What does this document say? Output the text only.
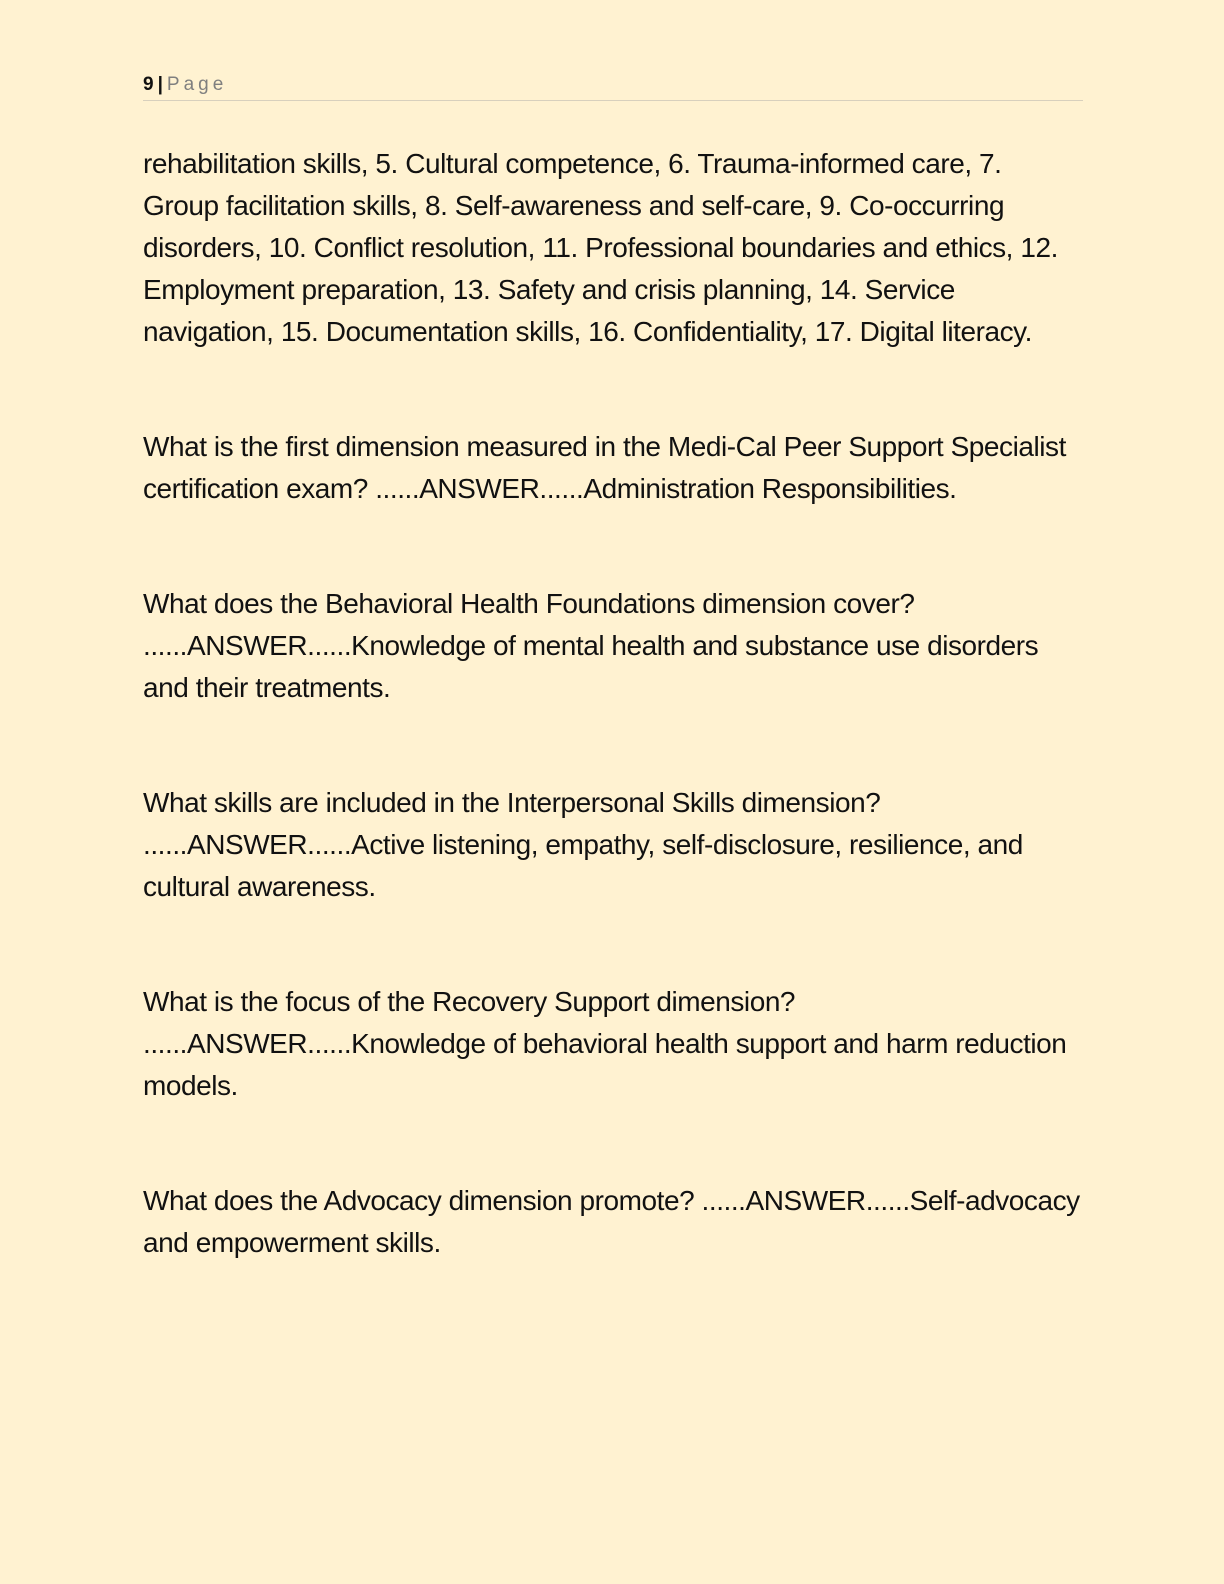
9 | Page

rehabilitation skills, 5. Cultural competence, 6. Trauma-informed care, 7. Group facilitation skills, 8. Self-awareness and self-care, 9. Co-occurring disorders, 10. Conflict resolution, 11. Professional boundaries and ethics, 12. Employment preparation, 13. Safety and crisis planning, 14. Service navigation, 15. Documentation skills, 16. Confidentiality, 17. Digital literacy.

What is the first dimension measured in the Medi-Cal Peer Support Specialist certification exam? ......ANSWER......Administration Responsibilities.

What does the Behavioral Health Foundations dimension cover? ......ANSWER......Knowledge of mental health and substance use disorders and their treatments.

What skills are included in the Interpersonal Skills dimension? ......ANSWER......Active listening, empathy, self-disclosure, resilience, and cultural awareness.

What is the focus of the Recovery Support dimension? ......ANSWER......Knowledge of behavioral health support and harm reduction models.

What does the Advocacy dimension promote? ......ANSWER......Self-advocacy and empowerment skills.
